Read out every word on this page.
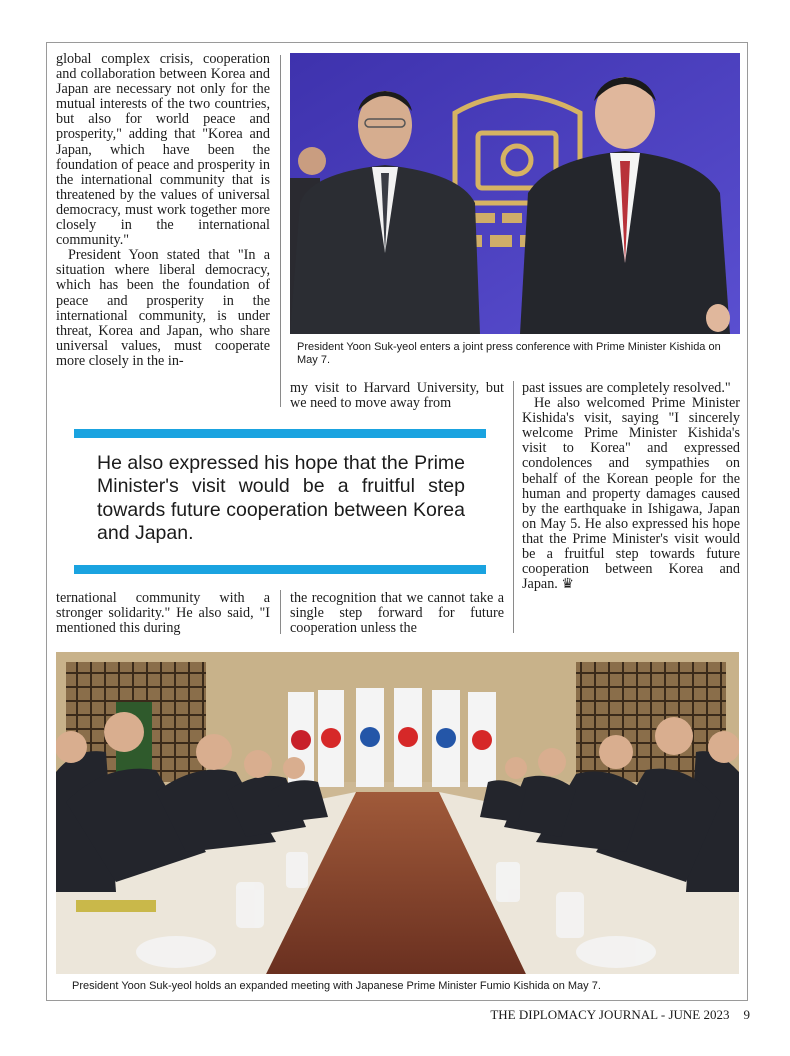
global complex crisis, cooperation and collaboration between Korea and Japan are necessary not only for the mutual interests of the two countries, but also for world peace and prosperity," adding that "Korea and Japan, which have been the foundation of peace and prosperity in the international community that is threatened by the values of universal democracy, must work together more closely in the international community."

President Yoon stated that "In a situation where liberal democracy, which has been the foundation of peace and prosperity in the international community, is under threat, Korea and Japan, who share universal values, must cooperate more closely in the in-

my visit to Harvard University, but we need to move away from

past issues are completely resolved."

He also welcomed Prime Minister Kishida's visit, saying "I sincerely welcome Prime Minister Kishida's visit to Korea" and expressed condolences and sympathies on behalf of the Korean people for the human and property damages caused by the earthquake in Ishigawa, Japan on May 5. He also expressed his hope that the Prime Minister's visit would be a fruitful step towards future cooperation between Korea and Japan. ♛

ternational community with a stronger solidarity." He also said, "I mentioned this during

the recognition that we cannot take a single step forward for future cooperation unless the

President Yoon Suk-yeol enters a joint press conference with Prime Minister Kishida on May 7.
He also expressed his hope that the Prime Minister's visit would be a fruitful step towards future cooperation between Korea and Japan.
President Yoon Suk-yeol holds an expanded meeting with Japanese Prime Minister Fumio Kishida on May 7.
THE DIPLOMACY JOURNAL - JUNE 2023 9
